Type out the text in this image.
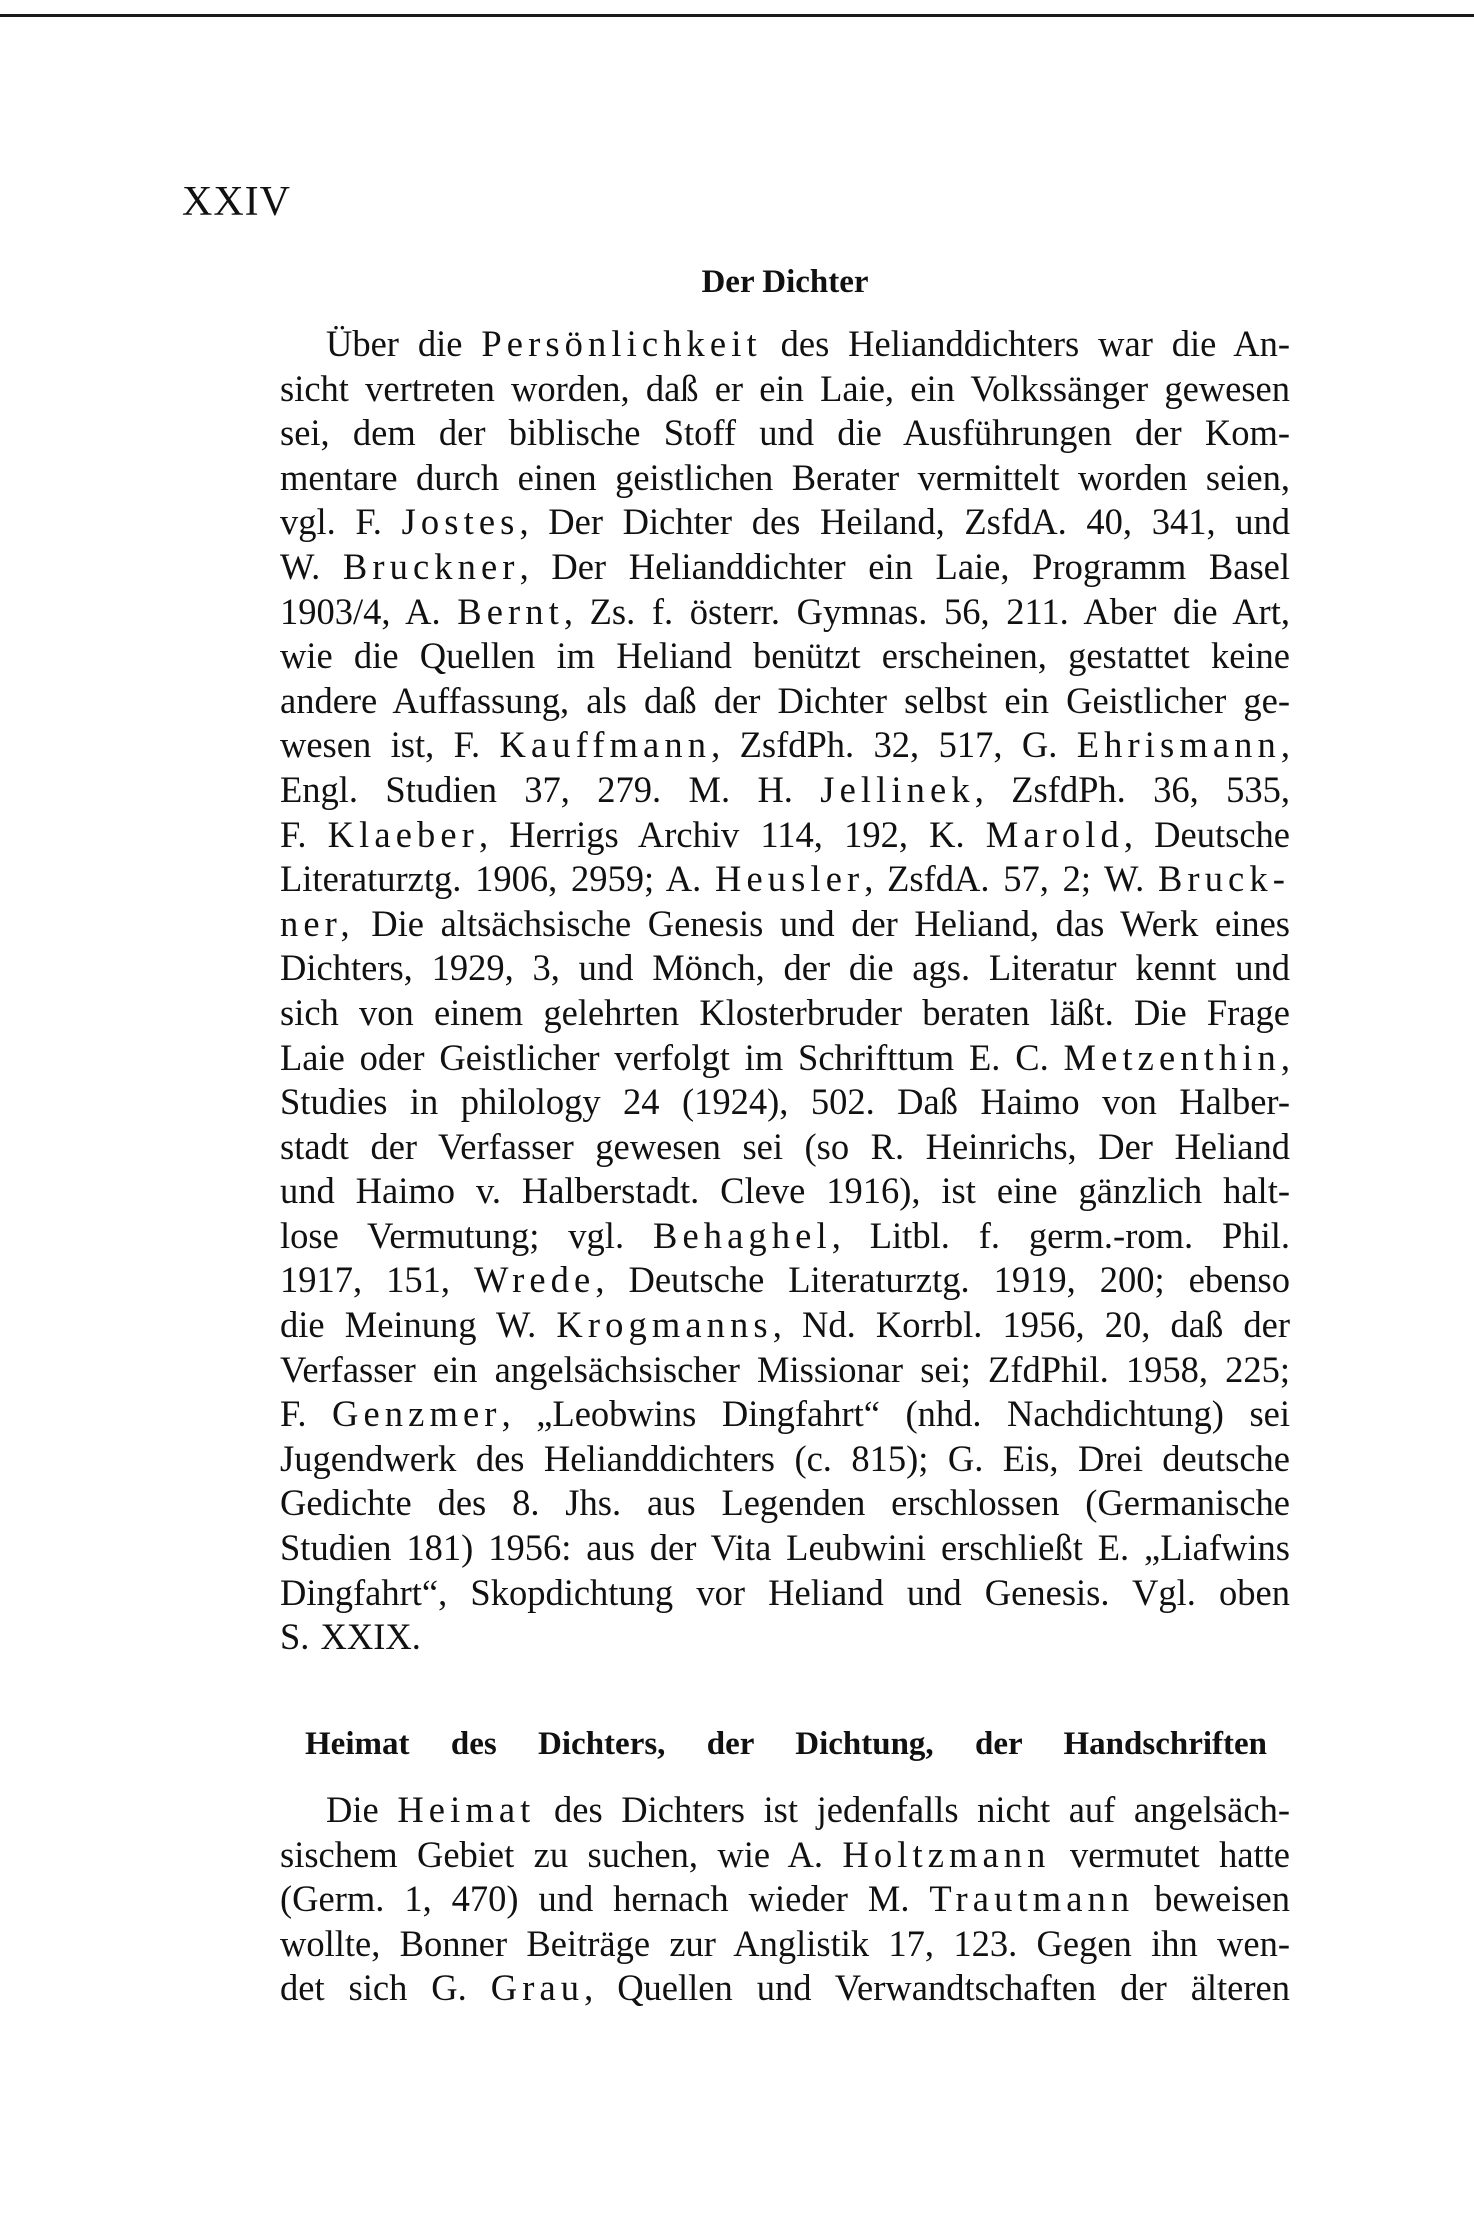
XXIV
Der Dichter
Über die Persönlichkeit des Helianddichters war die An-
sicht vertreten worden, daß er ein Laie, ein Volkssänger gewesen
sei, dem der biblische Stoff und die Ausführungen der Kom-
mentare durch einen geistlichen Berater vermittelt worden seien,
vgl. F. Jostes, Der Dichter des Heiland, ZsfdA. 40, 341, und
W. Bruckner, Der Helianddichter ein Laie, Programm Basel
1903/4, A. Bernt, Zs. f. österr. Gymnas. 56, 211. Aber die Art,
wie die Quellen im Heliand benützt erscheinen, gestattet keine
andere Auffassung, als daß der Dichter selbst ein Geistlicher ge-
wesen ist, F. Kauffmann, ZsfdPh. 32, 517, G. Ehrismann,
Engl. Studien 37, 279. M. H. Jellinek, ZsfdPh. 36, 535,
F. Klaeber, Herrigs Archiv 114, 192, K. Marold, Deutsche
Literaturztg. 1906, 2959; A. Heusler, ZsfdA. 57, 2; W. Bruck-
ner, Die altsächsische Genesis und der Heliand, das Werk eines
Dichters, 1929, 3, und Mönch, der die ags. Literatur kennt und
sich von einem gelehrten Klosterbruder beraten läßt. Die Frage
Laie oder Geistlicher verfolgt im Schrifttum E. C. Metzenthin,
Studies in philology 24 (1924), 502. Daß Haimo von Halber-
stadt der Verfasser gewesen sei (so R. Heinrichs, Der Heliand
und Haimo v. Halberstadt. Cleve 1916), ist eine gänzlich halt-
lose Vermutung; vgl. Behaghel, Litbl. f. germ.-rom. Phil.
1917, 151, Wrede, Deutsche Literaturztg. 1919, 200; ebenso
die Meinung W. Krogmanns, Nd. Korrbl. 1956, 20, daß der
Verfasser ein angelsächsischer Missionar sei; ZfdPhil. 1958, 225;
F. Genzmer, „Leobwins Dingfahrt“ (nhd. Nachdichtung) sei
Jugendwerk des Helianddichters (c. 815); G. Eis, Drei deutsche
Gedichte des 8. Jhs. aus Legenden erschlossen (Germanische
Studien 181) 1956: aus der Vita Leubwini erschließt E. „Liafwins
Dingfahrt“, Skopdichtung vor Heliand und Genesis. Vgl. oben
S. XXIX.
Heimat des Dichters, der Dichtung, der Handschriften
Die Heimat des Dichters ist jedenfalls nicht auf angelsäch-
sischem Gebiet zu suchen, wie A. Holtzmann vermutet hatte
(Germ. 1, 470) und hernach wieder M. Trautmann beweisen
wollte, Bonner Beiträge zur Anglistik 17, 123. Gegen ihn wen-
det sich G. Grau, Quellen und Verwandtschaften der älteren
